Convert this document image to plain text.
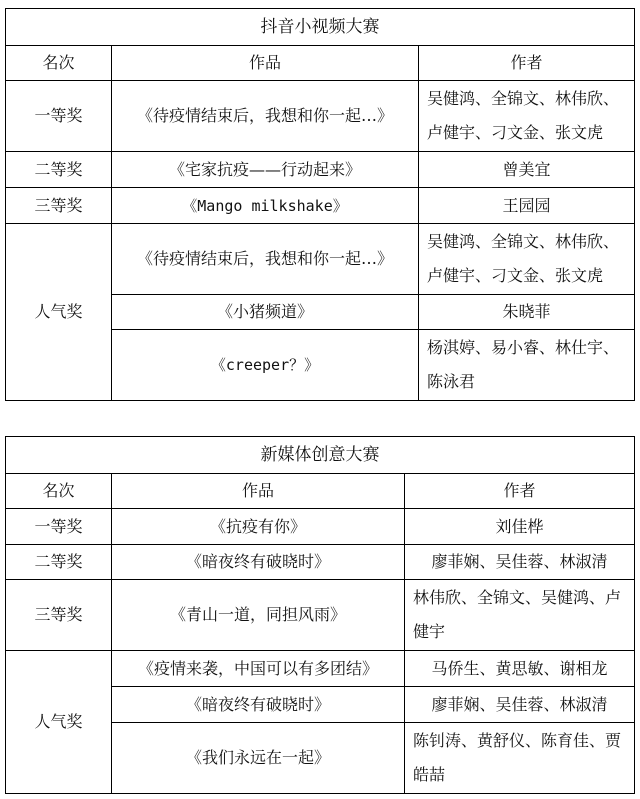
抖音小视频大赛		
名次	作品	作者
一等奖	《待疫情结束后，我想和你一起…》	吴健鸿、全锦文、林伟欣、卢健宇、刁文金、张文虎
二等奖	《宅家抗疫——行动起来》	曾美宜
三等奖	《Mango milkshake》	王园园
人气奖	《待疫情结束后，我想和你一起…》	吴健鸿、全锦文、林伟欣、卢健宇、刁文金、张文虎
	《小猪频道》	朱晓菲
	《creeper？》	杨淇婷、易小睿、林仕宇、陈泳君
新媒体创意大赛		
名次	作品	作者
一等奖	《抗疫有你》	刘佳桦
二等奖	《暗夜终有破晓时》	廖菲娴、吴佳蓉、林淑清
三等奖	《青山一道，同担风雨》	林伟欣、全锦文、吴健鸿、卢健宇
人气奖	《疫情来袭，中国可以有多团结》	马侨生、黄思敏、谢相龙
	《暗夜终有破晓时》	廖菲娴、吴佳蓉、林淑清
	《我们永远在一起》	陈钊涛、黄舒仪、陈育佳、贾皓喆
